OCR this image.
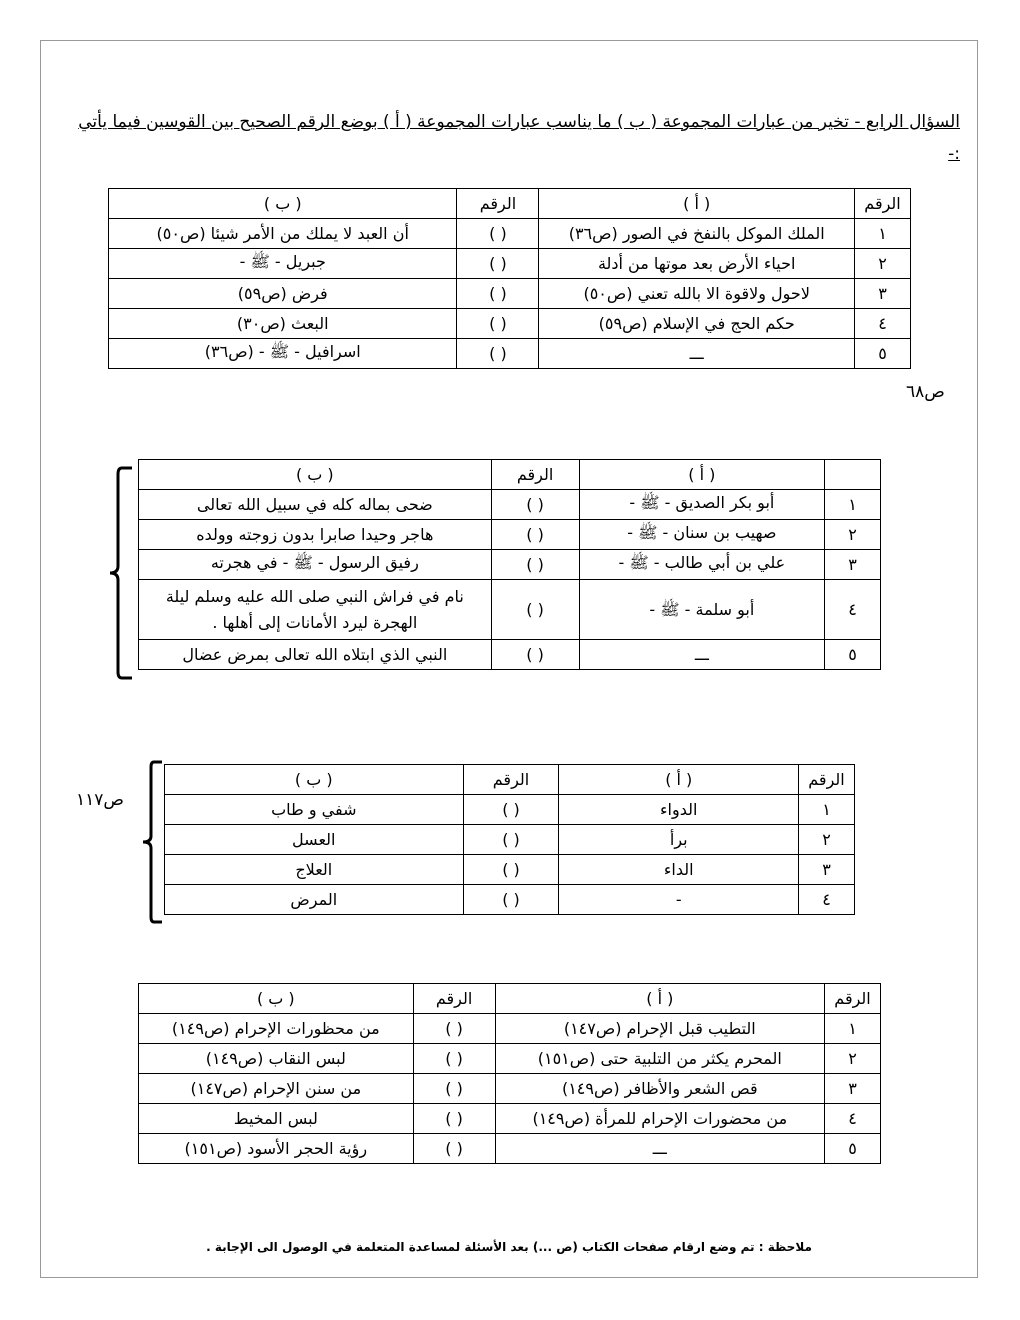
السؤال الرابع - تخير من عبارات المجموعة ( ب ) ما يناسب عبارات المجموعة ( أ ) بوضع الرقم الصحيح بين القوسين فيما يأتي :-
الرقم	( أ )	الرقم	( ب )
١	الملك الموكل بالنفخ في الصور (ص٣٦)	( )	أن العبد لا يملك من الأمر شيئا (ص٥٠)
٢	احياء الأرض بعد موتها من أدلة	( )	جبريل - ﷺ -
٣	لاحول ولاقوة الا بالله تعني (ص٥٠)	( )	فرض (ص٥٩)
٤	حكم الحج في الإسلام (ص٥٩)	( )	البعث (ص٣٠)
٥	ـــ	( )	اسرافيل - ﷺ - (ص٣٦)
ص٦٨
	( أ )	الرقم	( ب )
١	أبو بكر الصديق - ﷺ -	( )	ضحى بماله كله في سبيل الله تعالى
٢	صهيب بن سنان - ﷺ -	( )	هاجر وحيدا صابرا بدون زوجته وولده
٣	علي بن أبي طالب - ﷺ -	( )	رفيق الرسول - ﷺ - في هجرته
٤	أبو سلمة - ﷺ -	( )	نام في فراش النبي صلى الله عليه وسلم ليلة الهجرة ليرد الأمانات إلى أهلها .
٥	ـــ	( )	النبي الذي ابتلاه الله تعالى بمرض عضال
الرقم	( أ )	الرقم	( ب )
١	الدواء	( )	شفي و طاب
٢	برأ	( )	العسل
٣	الداء	( )	العلاج
٤	-	( )	المرض
ص١١٧
الرقم	( أ )	الرقم	( ب )
١	التطيب قبل الإحرام (ص١٤٧)	( )	من محظورات الإحرام (ص١٤٩)
٢	المحرم يكثر من التلبية حتى (ص١٥١)	( )	لبس النقاب (ص١٤٩)
٣	قص الشعر والأظافر (ص١٤٩)	( )	من سنن الإحرام (ص١٤٧)
٤	من محضورات الإحرام للمرأة (ص١٤٩)	( )	لبس المخيط
٥	ـــ	( )	رؤية الحجر الأسود (ص١٥١)
ملاحظة : تم وضع ارقام صفحات الكتاب (ص ...) بعد الأسئلة لمساعدة المتعلمة في الوصول الى الإجابة .
